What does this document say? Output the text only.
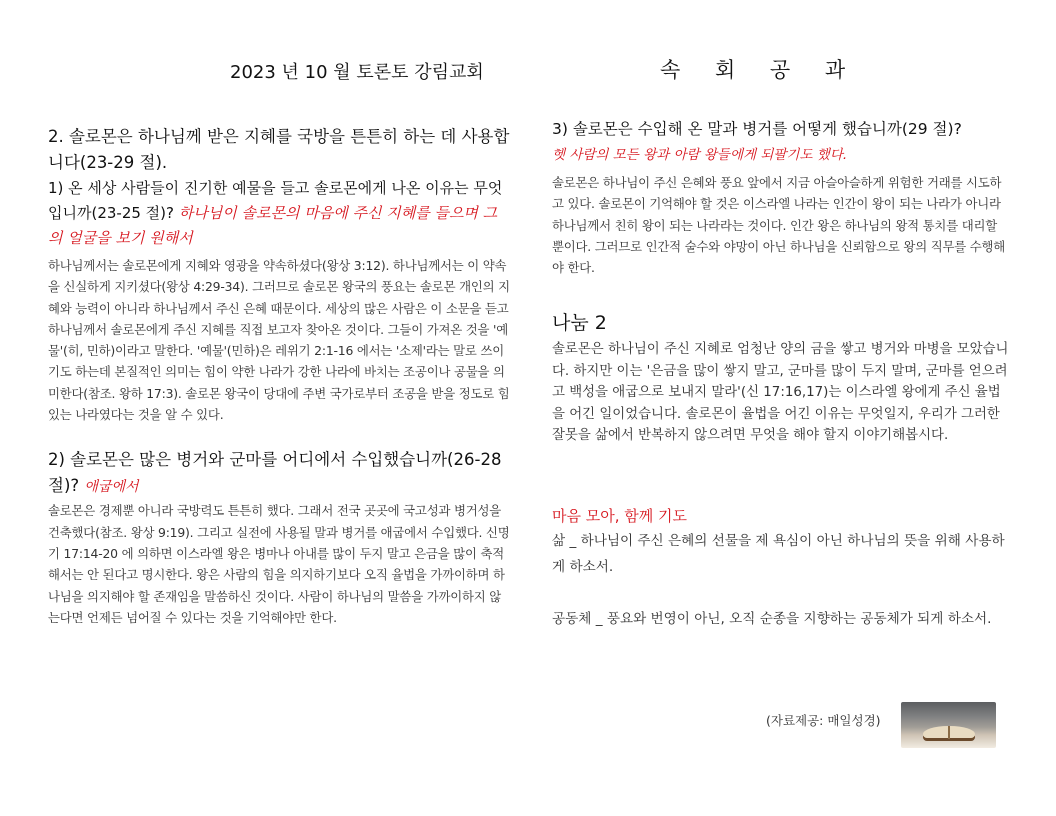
2023 년 10 월 토론토 강림교회	속 회 공 과

2. 솔로몬은 하나님께 받은 지혜를 국방을 튼튼히 하는 데 사용합니다(23-29 절).

1) 온 세상 사람들이 진기한 예물을 들고 솔로몬에게 나온 이유는 무엇입니까(23-25 절)? 하나님이 솔로몬의 마음에 주신 지혜를 들으며 그의 얼굴을 보기 원해서

하나님께서는 솔로몬에게 지혜와 영광을 약속하셨다(왕상 3:12). 하나님께서는 이 약속을 신실하게 지키셨다(왕상 4:29-34). 그러므로 솔로몬 왕국의 풍요는 솔로몬 개인의 지혜와 능력이 아니라 하나님께서 주신 은혜 때문이다. 세상의 많은 사람은 이 소문을 듣고 하나님께서 솔로몬에게 주신 지혜를 직접 보고자 찾아온 것이다. 그들이 가져온 것을 '예물'(히, 민하)이라고 말한다. '예물'(민하)은 레위기 2:1-16 에서는 '소제'라는 말로 쓰이기도 하는데 본질적인 의미는 힘이 약한 나라가 강한 나라에 바치는 조공이나 공물을 의미한다(참조. 왕하 17:3). 솔로몬 왕국이 당대에 주변 국가로부터 조공을 받을 정도로 힘 있는 나라였다는 것을 알 수 있다.

2) 솔로몬은 많은 병거와 군마를 어디에서 수입했습니까(26-28 절)? 애굽에서

솔로몬은 경제뿐 아니라 국방력도 튼튼히 했다. 그래서 전국 곳곳에 국고성과 병거성을 건축했다(참조. 왕상 9:19). 그리고 실전에 사용될 말과 병거를 애굽에서 수입했다. 신명기 17:14-20 에 의하면 이스라엘 왕은 병마나 아내를 많이 두지 말고 은금을 많이 축적해서는 안 된다고 명시한다. 왕은 사람의 힘을 의지하기보다 오직 율법을 가까이하며 하나님을 의지해야 할 존재임을 말씀하신 것이다. 사람이 하나님의 말씀을 가까이하지 않는다면 언제든 넘어질 수 있다는 것을 기억해야만 한다.

3) 솔로몬은 수입해 온 말과 병거를 어떻게 했습니까(29 절)?

헷 사람의 모든 왕과 아람 왕들에게 되팔기도 했다.

솔로몬은 하나님이 주신 은혜와 풍요 앞에서 지금 아슬아슬하게 위험한 거래를 시도하고 있다. 솔로몬이 기억해야 할 것은 이스라엘 나라는 인간이 왕이 되는 나라가 아니라 하나님께서 친히 왕이 되는 나라라는 것이다. 인간 왕은 하나님의 왕적 통치를 대리할 뿐이다. 그러므로 인간적 술수와 야망이 아닌 하나님을 신뢰함으로 왕의 직무를 수행해야 한다.

나눔 2

솔로몬은 하나님이 주신 지혜로 엄청난 양의 금을 쌓고 병거와 마병을 모았습니다. 하지만 이는 '은금을 많이 쌓지 말고, 군마를 많이 두지 말며, 군마를 얻으려고 백성을 애굽으로 보내지 말라'(신 17:16,17)는 이스라엘 왕에게 주신 율법을 어긴 일이었습니다. 솔로몬이 율법을 어긴 이유는 무엇일지, 우리가 그러한 잘못을 삶에서 반복하지 않으려면 무엇을 해야 할지 이야기해봅시다.

마음 모아, 함께 기도

삶 _ 하나님이 주신 은혜의 선물을 제 욕심이 아닌 하나님의 뜻을 위해 사용하게 하소서.

공동체 _ 풍요와 번영이 아닌, 오직 순종을 지향하는 공동체가 되게 하소서.

(자료제공: 매일성경)
